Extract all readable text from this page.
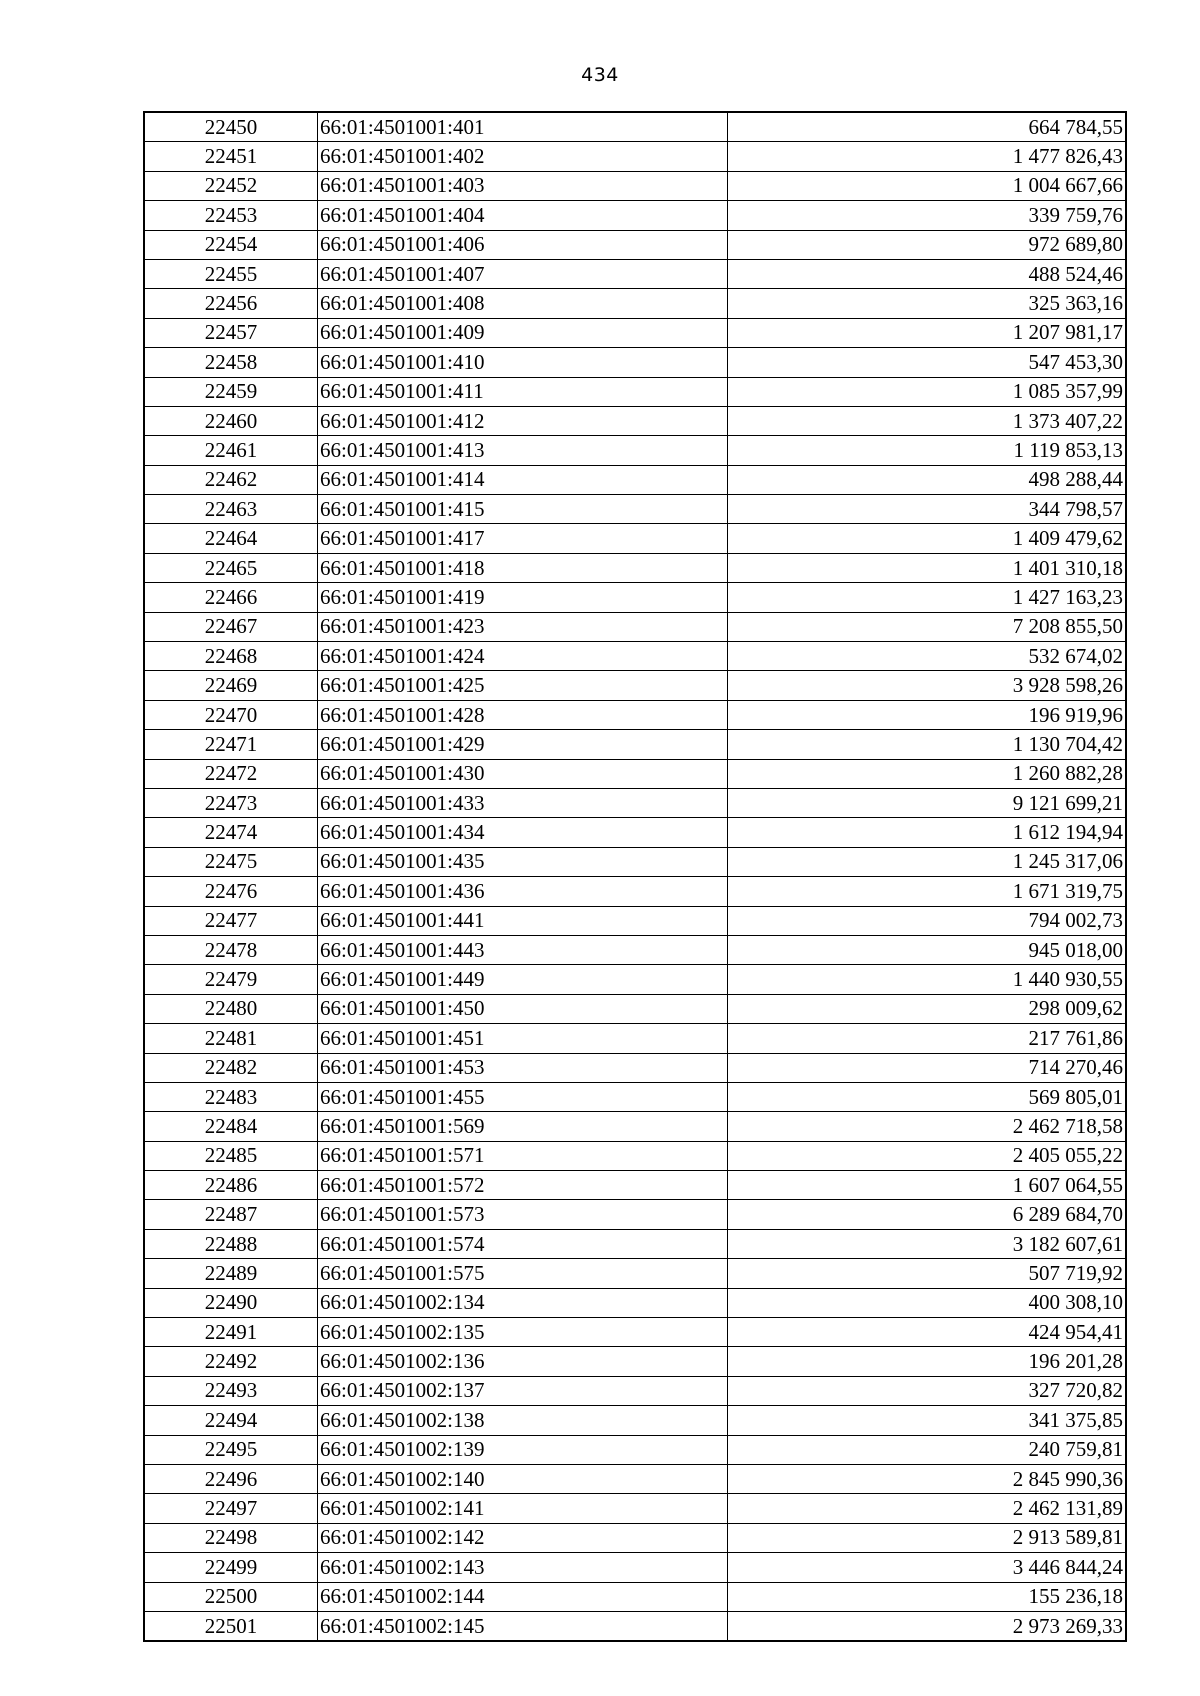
434
22450	66:01:4501001:401	664 784,55
22451	66:01:4501001:402	1 477 826,43
22452	66:01:4501001:403	1 004 667,66
22453	66:01:4501001:404	339 759,76
22454	66:01:4501001:406	972 689,80
22455	66:01:4501001:407	488 524,46
22456	66:01:4501001:408	325 363,16
22457	66:01:4501001:409	1 207 981,17
22458	66:01:4501001:410	547 453,30
22459	66:01:4501001:411	1 085 357,99
22460	66:01:4501001:412	1 373 407,22
22461	66:01:4501001:413	1 119 853,13
22462	66:01:4501001:414	498 288,44
22463	66:01:4501001:415	344 798,57
22464	66:01:4501001:417	1 409 479,62
22465	66:01:4501001:418	1 401 310,18
22466	66:01:4501001:419	1 427 163,23
22467	66:01:4501001:423	7 208 855,50
22468	66:01:4501001:424	532 674,02
22469	66:01:4501001:425	3 928 598,26
22470	66:01:4501001:428	196 919,96
22471	66:01:4501001:429	1 130 704,42
22472	66:01:4501001:430	1 260 882,28
22473	66:01:4501001:433	9 121 699,21
22474	66:01:4501001:434	1 612 194,94
22475	66:01:4501001:435	1 245 317,06
22476	66:01:4501001:436	1 671 319,75
22477	66:01:4501001:441	794 002,73
22478	66:01:4501001:443	945 018,00
22479	66:01:4501001:449	1 440 930,55
22480	66:01:4501001:450	298 009,62
22481	66:01:4501001:451	217 761,86
22482	66:01:4501001:453	714 270,46
22483	66:01:4501001:455	569 805,01
22484	66:01:4501001:569	2 462 718,58
22485	66:01:4501001:571	2 405 055,22
22486	66:01:4501001:572	1 607 064,55
22487	66:01:4501001:573	6 289 684,70
22488	66:01:4501001:574	3 182 607,61
22489	66:01:4501001:575	507 719,92
22490	66:01:4501002:134	400 308,10
22491	66:01:4501002:135	424 954,41
22492	66:01:4501002:136	196 201,28
22493	66:01:4501002:137	327 720,82
22494	66:01:4501002:138	341 375,85
22495	66:01:4501002:139	240 759,81
22496	66:01:4501002:140	2 845 990,36
22497	66:01:4501002:141	2 462 131,89
22498	66:01:4501002:142	2 913 589,81
22499	66:01:4501002:143	3 446 844,24
22500	66:01:4501002:144	155 236,18
22501	66:01:4501002:145	2 973 269,33
